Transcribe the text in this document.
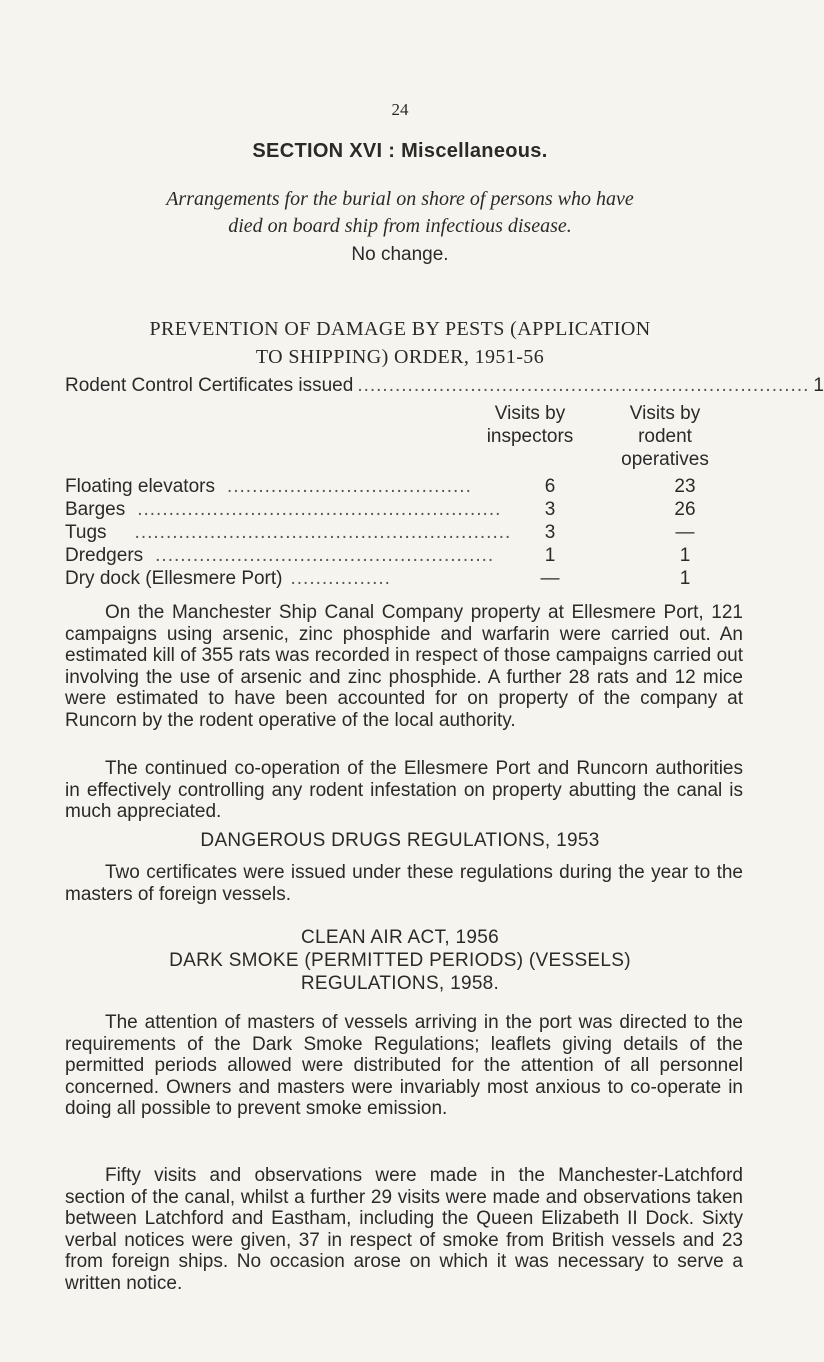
24
SECTION XVI : Miscellaneous.
Arrangements for the burial on shore of persons who have
died on board ship from infectious disease.
No change.
PREVENTION OF DAMAGE BY PESTS (APPLICATION
TO SHIPPING) ORDER, 1951-56
Rodent Control Certificates issued ........................................................................ 1
Visits by
inspectors
Visits by
rodent
operatives
Floating elevators .......................................	6	23
Barges ..........................................................	3	26
Tugs ............................................................	3	—
Dredgers ......................................................	1	1
Dry dock (Ellesmere Port) ................	—	1
On the Manchester Ship Canal Company property at Ellesmere Port, 121 campaigns using arsenic, zinc phosphide and warfarin were carried out. An estimated kill of 355 rats was recorded in respect of those campaigns carried out involving the use of arsenic and zinc phosphide. A further 28 rats and 12 mice were estimated to have been accounted for on property of the company at Runcorn by the rodent operative of the local authority.
The continued co-operation of the Ellesmere Port and Runcorn authorities in effectively controlling any rodent infestation on property abutting the canal is much appreciated.
DANGEROUS DRUGS REGULATIONS, 1953
Two certificates were issued under these regulations during the year to the masters of foreign vessels.
CLEAN AIR ACT, 1956
DARK SMOKE (PERMITTED PERIODS) (VESSELS)
REGULATIONS, 1958.
The attention of masters of vessels arriving in the port was directed to the requirements of the Dark Smoke Regulations; leaflets giving details of the permitted periods allowed were distributed for the attention of all personnel concerned. Owners and masters were invariably most anxious to co-operate in doing all possible to prevent smoke emission.
Fifty visits and observations were made in the Manchester-Latchford section of the canal, whilst a further 29 visits were made and observations taken between Latchford and Eastham, including the Queen Elizabeth II Dock. Sixty verbal notices were given, 37 in respect of smoke from British vessels and 23 from foreign ships. No occasion arose on which it was necessary to serve a written notice.
